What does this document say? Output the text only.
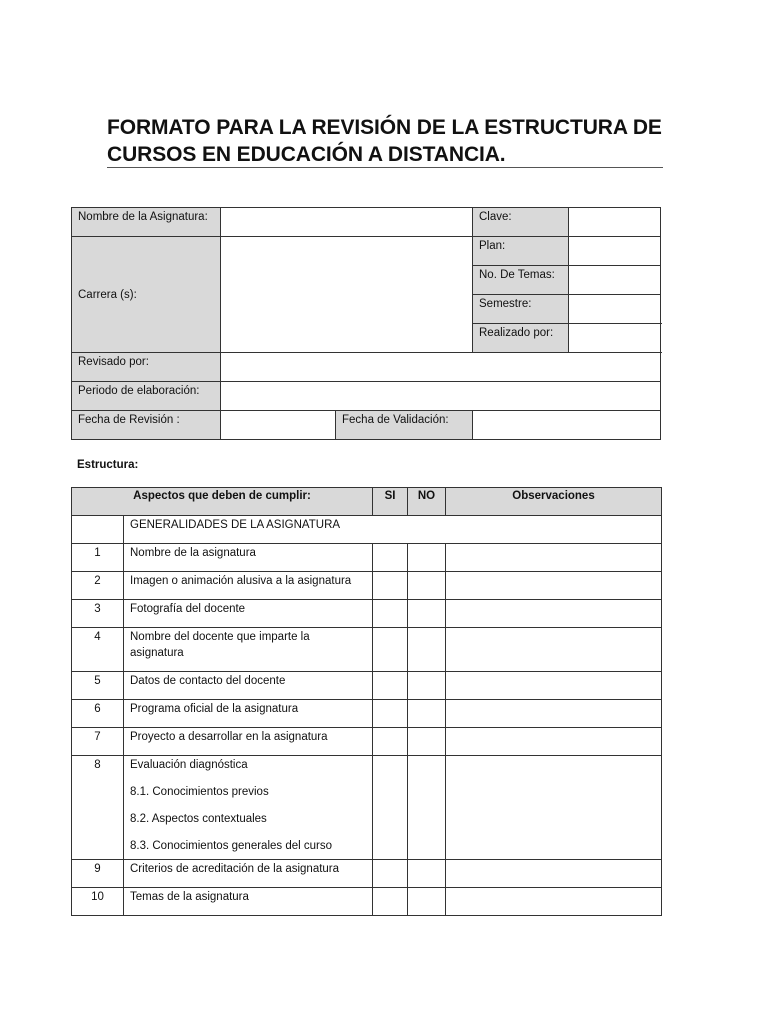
FORMATO PARA LA REVISIÓN DE LA ESTRUCTURA DE
CURSOS EN EDUCACIÓN A DISTANCIA.
Nombre de la Asignatura:			Clave:	
Carrera (s):			Plan:	
			No. De Temas:	
			Semestre:	
			Realizado por:	
Revisado por:				
Periodo de elaboración:				
Fecha de Revisión :		Fecha de Validación:		
Estructura:
Aspectos que deben de cumplir:		SI	NO	Observaciones
	GENERALIDADES DE LA ASIGNATURA			
1	Nombre de la asignatura			
2	Imagen o animación alusiva a la asignatura			
3	Fotografía del docente			
4	Nombre del docente que imparte la asignatura			
5	Datos de contacto del docente			
6	Programa oficial de la asignatura			
7	Proyecto a desarrollar en la asignatura			
8	Evaluación diagnóstica
8.1. Conocimientos previos
8.2. Aspectos contextuales
8.3. Conocimientos generales del curso			

9	Criterios de acreditación de la asignatura			
10	Temas de la asignatura			
